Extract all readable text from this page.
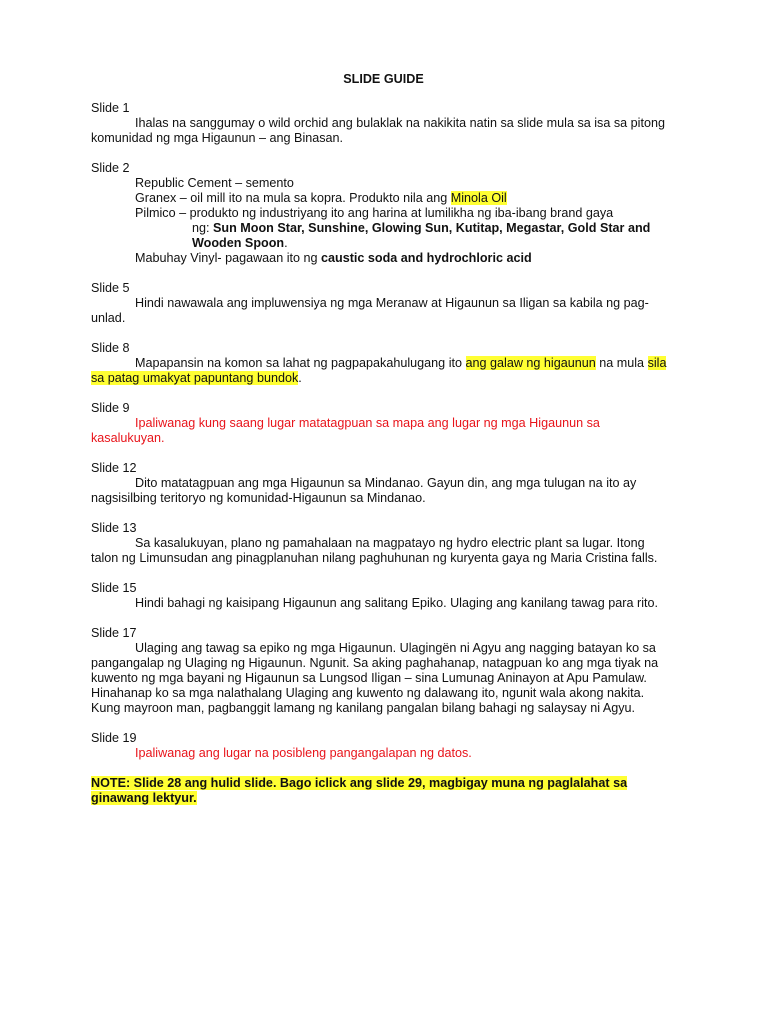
SLIDE GUIDE
Slide 1

Ihalas na sanggumay o wild orchid ang bulaklak na nakikita natin sa slide mula sa isa sa pitong komunidad ng mga Higaunun – ang Binasan.

Slide 2
Republic Cement – semento
Granex – oil mill ito na mula sa kopra. Produkto nila ang Minola Oil
Pilmico – produkto ng industriyang ito ang harina at lumilikha ng iba-ibang brand gaya
ng: Sun Moon Star, Sunshine, Glowing Sun, Kutitap, Megastar, Gold Star and Wooden Spoon.
Mabuhay Vinyl- pagawaan ito ng caustic soda and hydrochloric acid
Slide 5

Hindi nawawala ang impluwensiya ng mga Meranaw at Higaunun sa Iligan sa kabila ng pag-unlad.

Slide 8

Mapapansin na komon sa lahat ng pagpapakahulugang ito ang galaw ng higaunun na mula sila sa patag umakyat papuntang bundok.

Slide 9

Ipaliwanag kung saang lugar matatagpuan sa mapa ang lugar ng mga Higaunun sa kasalukuyan.

Slide 12

Dito matatagpuan ang mga Higaunun sa Mindanao. Gayun din, ang mga tulugan na ito ay nagsisilbing teritoryo ng komunidad-Higaunun sa Mindanao.

Slide 13

Sa kasalukuyan, plano ng pamahalaan na magpatayo ng hydro electric plant sa lugar. Itong talon ng Limunsudan ang pinagplanuhan nilang paghuhunan ng kuryenta gaya ng Maria Cristina falls.

Slide 15

Hindi bahagi ng kaisipang Higaunun ang salitang Epiko. Ulaging ang kanilang tawag para rito.

Slide 17

Ulaging ang tawag sa epiko ng mga Higaunun. Ulagingën ni Agyu ang nagging batayan ko sa pangangalap ng Ulaging ng Higaunun. Ngunit. Sa aking paghahanap, natagpuan ko ang mga tiyak na kuwento ng mga bayani ng Higaunun sa Lungsod Iligan – sina Lumunag Aninayon at Apu Pamulaw. Hinahanap ko sa mga nalathalang Ulaging ang kuwento ng dalawang ito, ngunit wala akong nakita. Kung mayroon man, pagbanggit lamang ng kanilang pangalan bilang bahagi ng salaysay ni Agyu.

Slide 19

Ipaliwanag ang lugar na posibleng pangangalapan ng datos.

NOTE: Slide 28 ang hulid slide. Bago iclick ang slide 29, magbigay muna ng paglalahat sa ginawang lektyur.
